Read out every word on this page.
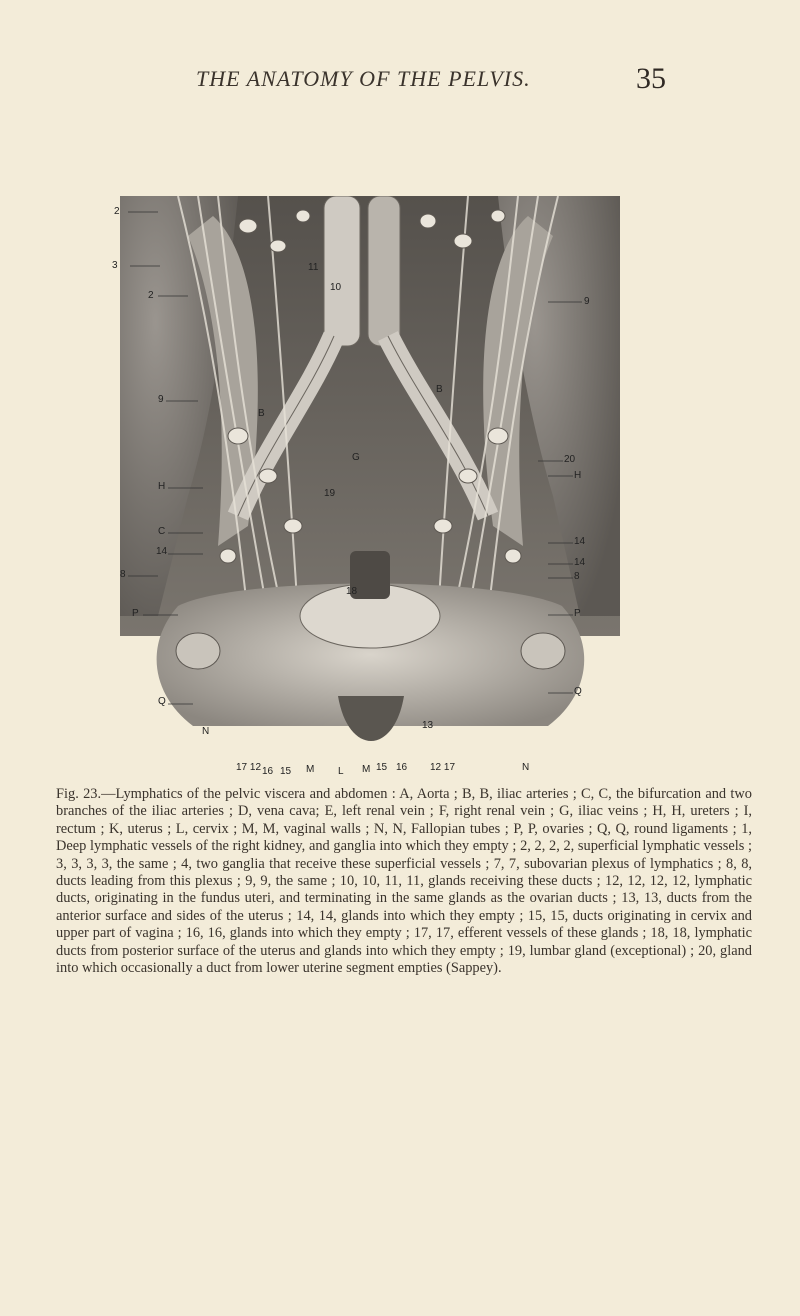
THE ANATOMY OF THE PELVIS.	35
2
3
2
9
H
C
14
8
P
Q
N
9
20
H
14
14
8
P
Q
N
17 12 16 15 M L M 15 16 12 17
11
10
B
B
G
19
18
13
Fig. 23.—Lymphatics of the pelvic viscera and abdomen : A, Aorta ; B, B, iliac arteries ; C, C, the bifurcation and two branches of the iliac arteries ; D, vena cava; E, left renal vein ; F, right renal vein ; G, iliac veins ; H, H, ureters ; I, rectum ; K, uterus ; L, cervix ; M, M, vaginal walls ; N, N, Fallopian tubes ; P, P, ovaries ; Q, Q, round ligaments ; 1, Deep lymphatic vessels of the right kidney, and ganglia into which they empty ; 2, 2, 2, 2, superficial lymphatic vessels ; 3, 3, 3, 3, the same ; 4, two ganglia that receive these superficial vessels ; 7, 7, subovarian plexus of lymphatics ; 8, 8, ducts leading from this plexus ; 9, 9, the same ; 10, 10, 11, 11, glands receiving these ducts ; 12, 12, 12, 12, lymphatic ducts, originating in the fundus uteri, and terminating in the same glands as the ovarian ducts ; 13, 13, ducts from the anterior surface and sides of the uterus ; 14, 14, glands into which they empty ; 15, 15, ducts originating in cervix and upper part of vagina ; 16, 16, glands into which they empty ; 17, 17, efferent vessels of these glands ; 18, 18, lymphatic ducts from posterior surface of the uterus and glands into which they empty ; 19, lumbar gland (exceptional) ; 20, gland into which occasionally a duct from lower uterine segment empties (Sappey).
